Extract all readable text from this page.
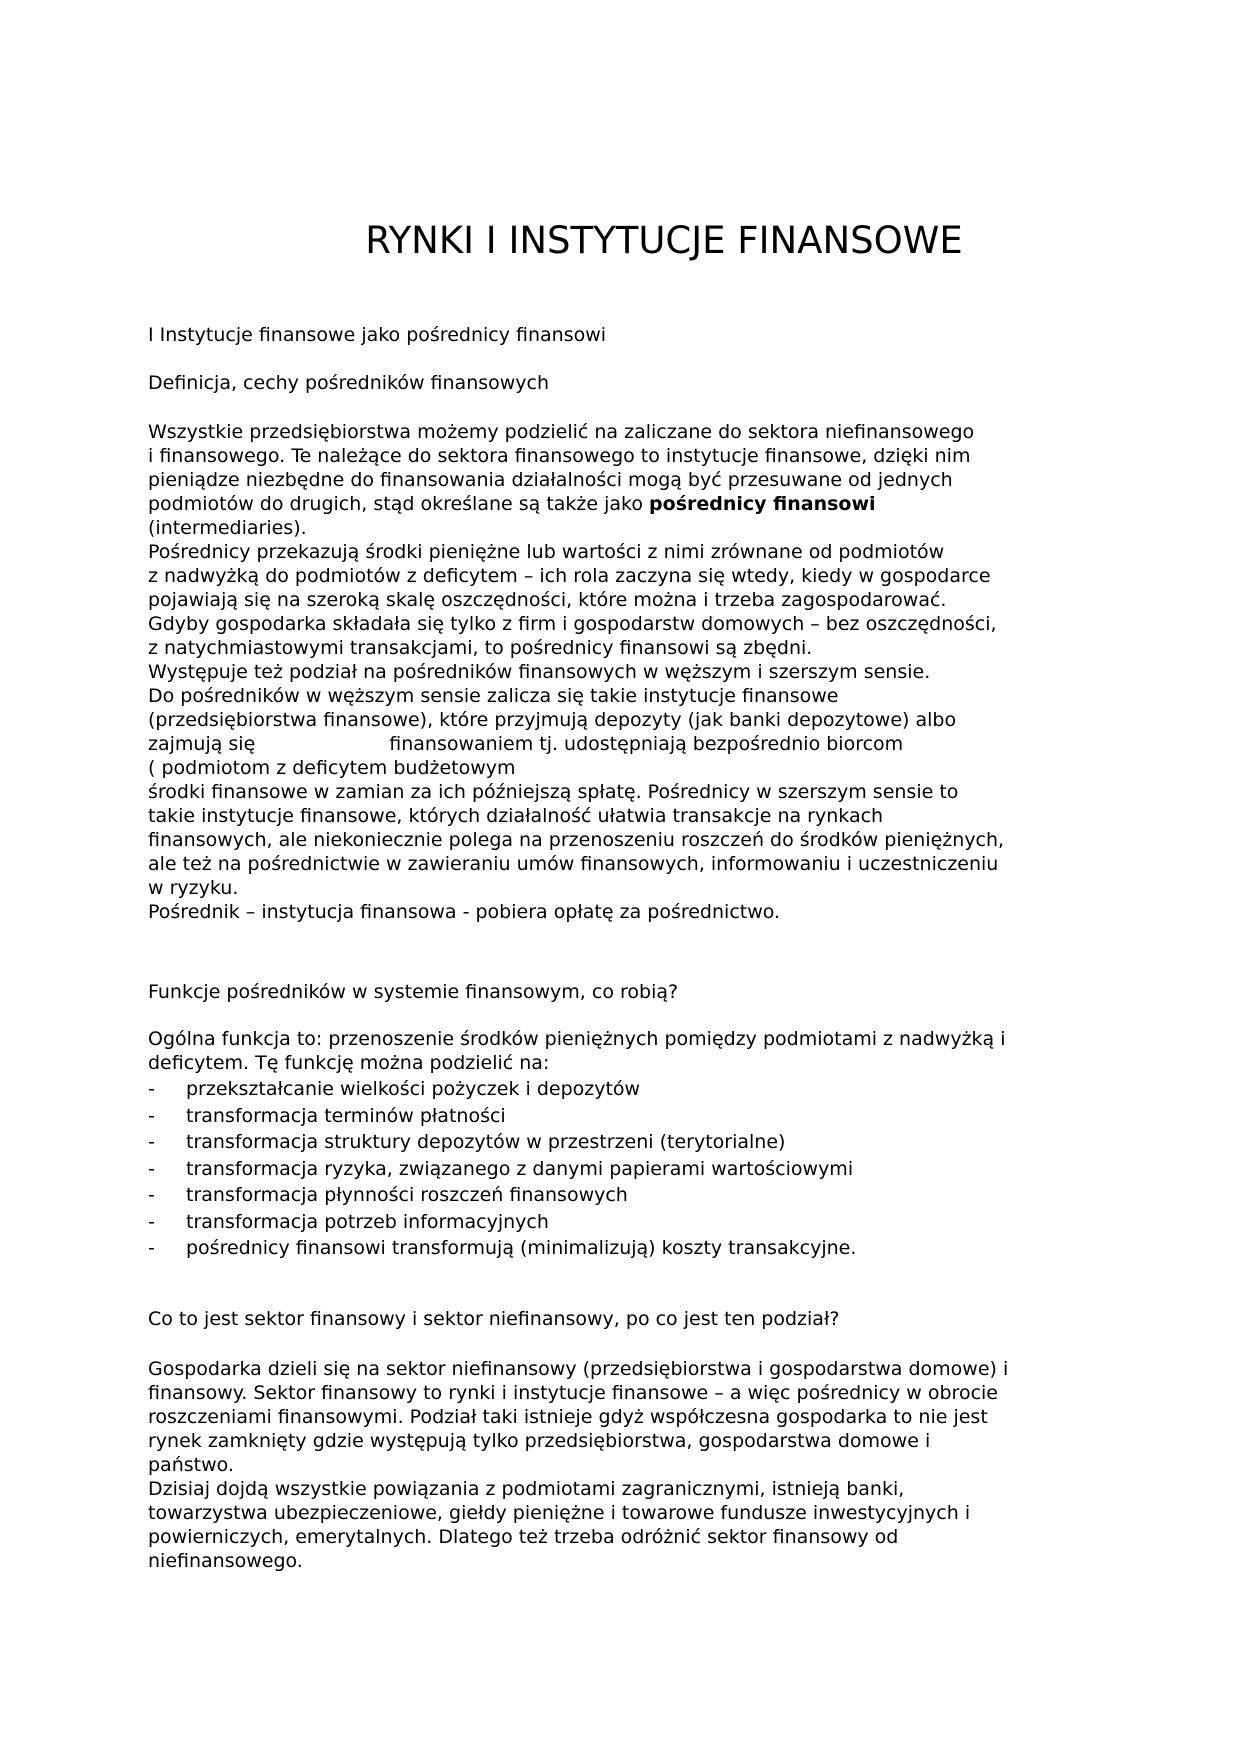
RYNKI I INSTYTUCJE FINANSOWE
I Instytucje finansowe jako pośrednicy finansowi
Definicja, cechy pośredników finansowych
Wszystkie przedsiębiorstwa możemy podzielić na zaliczane do sektora niefinansowego
i finansowego. Te należące do sektora finansowego to instytucje finansowe, dzięki nim
pieniądze niezbędne do finansowania działalności mogą być przesuwane od jednych
podmiotów do drugich, stąd określane są także jako pośrednicy finansowi
(intermediaries).
Pośrednicy przekazują środki pieniężne lub wartości z nimi zrównane od podmiotów
z nadwyżką do podmiotów z deficytem – ich rola zaczyna się wtedy, kiedy w gospodarce
pojawiają się na szeroką skalę oszczędności, które można i trzeba zagospodarować.
Gdyby gospodarka składała się tylko z firm i gospodarstw domowych – bez oszczędności,
z natychmiastowymi transakcjami, to pośrednicy finansowi są zbędni.
Występuje też podział na pośredników finansowych w węższym i szerszym sensie.
Do pośredników w węższym sensie zalicza się takie instytucje finansowe
(przedsiębiorstwa finansowe), które przyjmują depozyty (jak banki depozytowe) albo
zajmują się	finansowaniem tj. udostępniają bezpośrednio biorcom
( podmiotom z deficytem budżetowym
środki finansowe w zamian za ich późniejszą spłatę. Pośrednicy w szerszym sensie to
takie instytucje finansowe, których działalność ułatwia transakcje na rynkach
finansowych, ale niekoniecznie polega na przenoszeniu roszczeń do środków pieniężnych,
ale też na pośrednictwie w zawieraniu umów finansowych, informowaniu i uczestniczeniu
w ryzyku.
Pośrednik – instytucja finansowa - pobiera opłatę za pośrednictwo.
Funkcje pośredników w systemie finansowym, co robią?
Ogólna funkcja to: przenoszenie środków pieniężnych pomiędzy podmiotami z nadwyżką i
deficytem. Tę funkcję można podzielić na:
- przekształcanie wielkości pożyczek i depozytów
- transformacja terminów płatności
- transformacja struktury depozytów w przestrzeni (terytorialne)
- transformacja ryzyka, związanego z danymi papierami wartościowymi
- transformacja płynności roszczeń finansowych
- transformacja potrzeb informacyjnych
- pośrednicy finansowi transformują (minimalizują) koszty transakcyjne.
Co to jest sektor finansowy i sektor niefinansowy, po co jest ten podział?
Gospodarka dzieli się na sektor niefinansowy (przedsiębiorstwa i gospodarstwa domowe) i
finansowy. Sektor finansowy to rynki i instytucje finansowe – a więc pośrednicy w obrocie
roszczeniami finansowymi. Podział taki istnieje gdyż współczesna gospodarka to nie jest
rynek zamknięty gdzie występują tylko przedsiębiorstwa, gospodarstwa domowe i
państwo.
Dzisiaj dojdą wszystkie powiązania z podmiotami zagranicznymi, istnieją banki,
towarzystwa ubezpieczeniowe, giełdy pieniężne i towarowe fundusze inwestycyjnych i
powierniczych, emerytalnych. Dlatego też trzeba odróżnić sektor finansowy od
niefinansowego.
